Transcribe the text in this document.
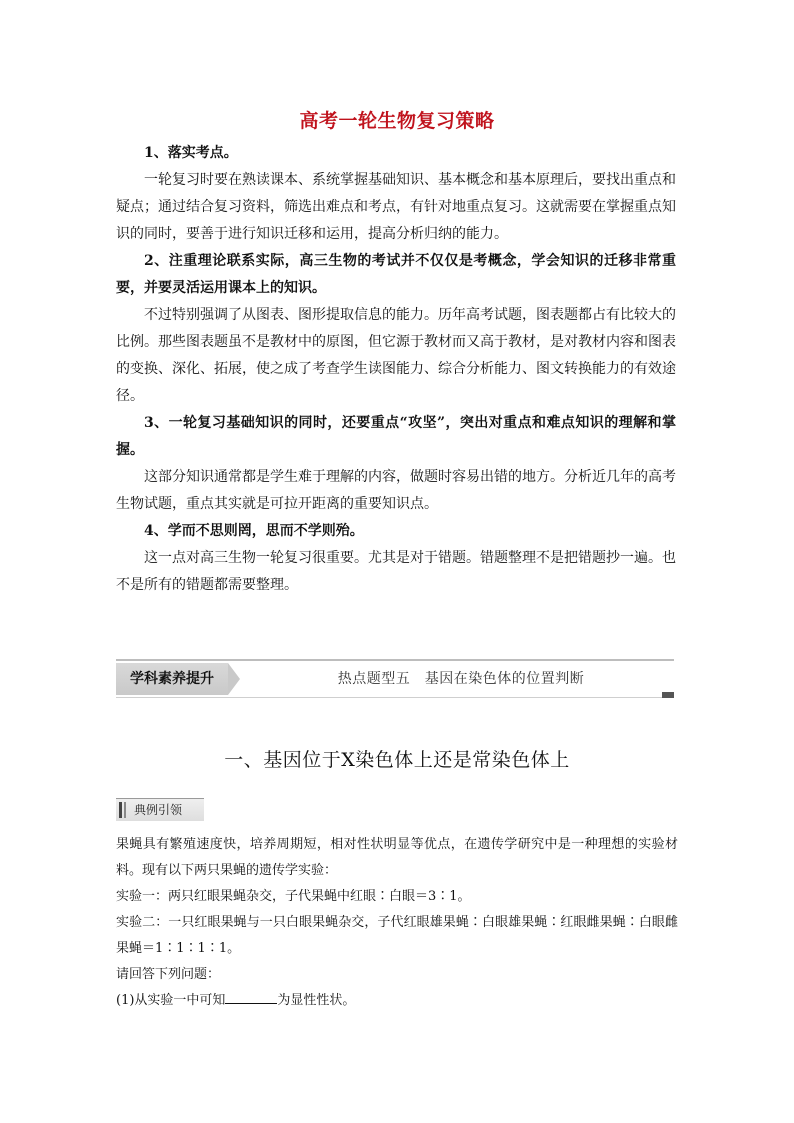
高考一轮生物复习策略

1、落实考点。

一轮复习时要在熟读课本、系统掌握基础知识、基本概念和基本原理后，要找出重点和疑点；通过结合复习资料，筛选出难点和考点，有针对地重点复习。这就需要在掌握重点知识的同时，要善于进行知识迁移和运用，提高分析归纳的能力。

2、注重理论联系实际，高三生物的考试并不仅仅是考概念，学会知识的迁移非常重要，并要灵活运用课本上的知识。

不过特别强调了从图表、图形提取信息的能力。历年高考试题，图表题都占有比较大的比例。那些图表题虽不是教材中的原图，但它源于教材而又高于教材，是对教材内容和图表的变换、深化、拓展，使之成了考查学生读图能力、综合分析能力、图文转换能力的有效途径。

3、一轮复习基础知识的同时，还要重点“攻坚”，突出对重点和难点知识的理解和掌握。

这部分知识通常都是学生难于理解的内容，做题时容易出错的地方。分析近几年的高考生物试题，重点其实就是可拉开距离的重要知识点。

4、学而不思则罔，思而不学则殆。

这一点对高三生物一轮复习很重要。尤其是对于错题。错题整理不是把错题抄一遍。也不是所有的错题都需要整理。

学科素养提升	热点题型五　基因在染色体的位置判断
一、基因位于X染色体上还是常染色体上
典例引领

果蝇具有繁殖速度快，培养周期短，相对性状明显等优点，在遗传学研究中是一种理想的实验材料。现有以下两只果蝇的遗传学实验：

实验一：两只红眼果蝇杂交，子代果蝇中红眼∶白眼＝3∶1。

实验二：一只红眼果蝇与一只白眼果蝇杂交，子代红眼雄果蝇∶白眼雄果蝇∶红眼雌果蝇∶白眼雌果蝇＝1∶1∶1∶1。

请回答下列问题：

(1)从实验一中可知	为显性性状。
